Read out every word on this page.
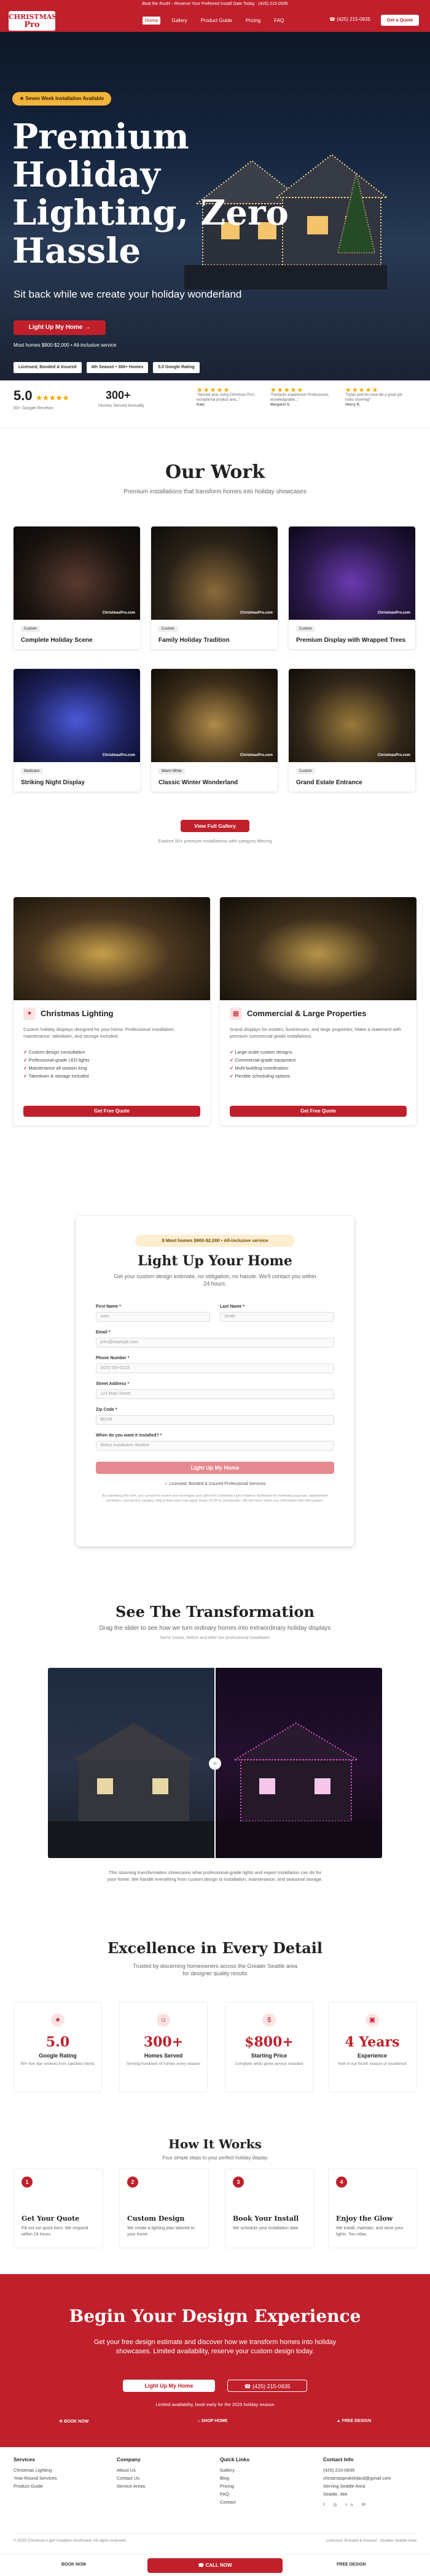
Beat the Rush! - Reserve Your Preferred Install Date Today · (425) 215-0935
CHRISTMAS
Pro	Home	Gallery	Product Guide	Pricing	FAQ	☎ (425) 215-0935	Get a Quote
★ Seven Week Installation Available
Premium Holiday Lighting, Zero Hassle
Sit back while we create your holiday wonderland
Light Up My Home →
Most homes $800-$2,000 • All-inclusive service
Licensed, Bonded & Insured	4th Season • 300+ Homes	5.0 Google Rating
5.0 ★★★★★
80+ Google Reviews
300+
Homes Served Annually
★★★★★
"Second year using Christmas Pro! - exceptional product and..."
Kate
★★★★★
"Fantastic experience! Professional, knowledgeable..."
Margaret S.
★★★★★
"Dylan and his crew did a great job, looks stunning!"
Henry R.
Our Work
Premium installations that transform homes into holiday showcases
ChristmasPro.com
Custom
Complete Holiday Scene
ChristmasPro.com
Custom
Family Holiday Tradition
ChristmasPro.com
Custom
Premium Display with Wrapped Trees
ChristmasPro.com
Multicolor
Striking Night Display
ChristmasPro.com
Warm White
Classic Winter Wonderland
ChristmasPro.com
Custom
Grand Estate Entrance
View Full Gallery
Explore 50+ premium installations with category filtering
✦	Christmas Lighting
Custom holiday displays designed for your home. Professional installation, maintenance, takedown, and storage included.
✓ Custom design consultation
✓ Professional-grade LED lights
✓ Maintenance all season long
✓ Takedown & storage included
Get Free Quote
▦ Commercial & Large Properties
Grand displays for estates, businesses, and large properties. Make a statement with premium commercial-grade installations.
✓ Large-scale custom designs
✓ Commercial-grade equipment
✓ Multi-building coordination
✓ Flexible scheduling options
Get Free Quote
$ Most homes $800-$2,000 • All-inclusive service
Light Up Your Home
Get your custom design estimate, no obligation, no hassle. We'll contact you within 24 hours.
First Name *
John
Last Name *
Smith
Email *
john@example.com
Phone Number *
(425) 555-0123
Street Address *
123 Main Street
Zip Code *
98109
When do you want it installed? *
Select installation timeline
Light Up My Home
✓ Licensed, Bonded & Insured Professional Services
By submitting this form, you consent to receive text messages and calls from Christmas Light Installers Northwest for marketing purposes, appointment reminders, and service updates. Msg & data rates may apply. Reply STOP to unsubscribe. We will never share your information with third parties.
See The Transformation
Drag the slider to see how we turn ordinary homes into extraordinary holiday displays
Same house, before and after our professional installation
‹›
This stunning transformation showcases what professional-grade lights and expert installation can do for your home. We handle everything from custom design to installation, maintenance, and seasonal storage.
Excellence in Every Detail
Trusted by discerning homeowners across the Greater Seattle area for designer quality results
★
5.0
Google Rating
80+ five star reviews from satisfied clients
☺
300+
Homes Served
Serving hundreds of homes every season
$
$800+
Starting Price
Complete white glove service included
▣
4 Years
Experience
Now in our fourth season of excellence
How It Works
Four simple steps to your perfect holiday display
1
Get Your Quote
Fill out our quick form. We respond within 24 hours.
2
Custom Design
We create a lighting plan tailored to your home.
3
Book Your Install
We schedule your installation date.
4
Enjoy the Glow
We install, maintain, and store your lights. You relax.
Begin Your Design Experience
Get your free design estimate and discover how we transform homes into holiday showcases. Limited availability, reserve your custom design today.
Light Up My Home	☎ (425) 215-0935
Limited availability, book early for the 2025 holiday season
☀ BOOK NOW	⌂ SHOP HOME	▲ FREE DESIGN
Services
Christmas Lighting
Year-Round Services
Product Guide
Company
About Us
Contact Us
Service Areas
Quick Links
Gallery
Blog
Pricing
FAQ
Contact
Contact Info
(425) 215-0935
christmasprokirkland@gmail.com
Serving Seattle Area
Seattle, WA
f ◎ in ✉
© 2025 Christmas Light Installers Northwest. All rights reserved.	Licensed, Bonded & Insured · Greater Seattle Area
BOOK NOW	☎ CALL NOW	FREE DESIGN
